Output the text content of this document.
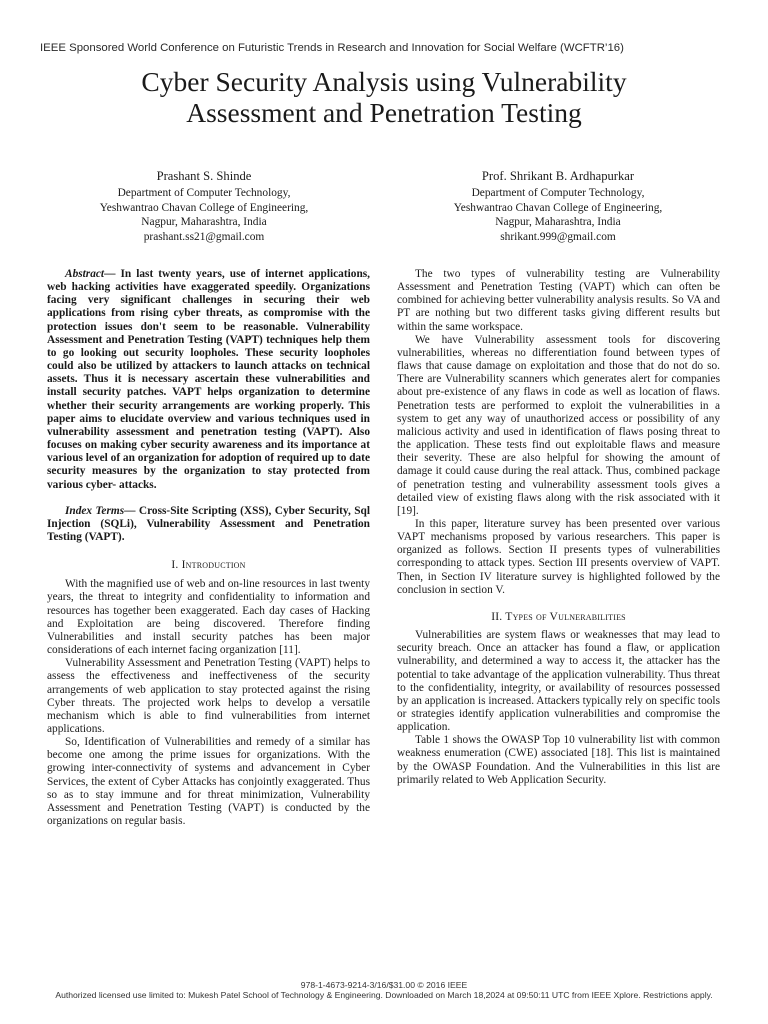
IEEE Sponsored World Conference on Futuristic Trends in Research and Innovation for Social Welfare (WCFTR’16)
Cyber Security Analysis using Vulnerability
Assessment and Penetration Testing
Prashant S. Shinde
Department of Computer Technology,
Yeshwantrao Chavan College of Engineering,
Nagpur, Maharashtra, India
prashant.ss21@gmail.com
Prof. Shrikant B. Ardhapurkar
Department of Computer Technology,
Yeshwantrao Chavan College of Engineering,
Nagpur, Maharashtra, India
shrikant.999@gmail.com

Abstract— In last twenty years, use of internet applications, web hacking activities have exaggerated speedily. Organizations facing very significant challenges in securing their web applications from rising cyber threats, as compromise with the protection issues don't seem to be reasonable. Vulnerability Assessment and Penetration Testing (VAPT) techniques help them to go looking out security loopholes. These security loopholes could also be utilized by attackers to launch attacks on technical assets. Thus it is necessary ascertain these vulnerabilities and install security patches. VAPT helps organization to determine whether their security arrangements are working properly. This paper aims to elucidate overview and various techniques used in vulnerability assessment and penetration testing (VAPT). Also focuses on making cyber security awareness and its importance at various level of an organization for adoption of required up to date security measures by the organization to stay protected from various cyber- attacks.

Index Terms— Cross-Site Scripting (XSS), Cyber Security, Sql Injection (SQLi), Vulnerability Assessment and Penetration Testing (VAPT).

I. Introduction

With the magnified use of web and on-line resources in last twenty years, the threat to integrity and confidentiality to information and resources has together been exaggerated. Each day cases of Hacking and Exploitation are being discovered. Therefore finding Vulnerabilities and install security patches has been major considerations of each internet facing organization [11].

Vulnerability Assessment and Penetration Testing (VAPT) helps to assess the effectiveness and ineffectiveness of the security arrangements of web application to stay protected against the rising Cyber threats. The projected work helps to develop a versatile mechanism which is able to find vulnerabilities from internet applications.

So, Identification of Vulnerabilities and remedy of a similar has become one among the prime issues for organizations. With the growing inter-connectivity of systems and advancement in Cyber Services, the extent of Cyber Attacks has conjointly exaggerated. Thus so as to stay immune and for threat minimization, Vulnerability Assessment and Penetration Testing (VAPT) is conducted by the organizations on regular basis.

The two types of vulnerability testing are Vulnerability Assessment and Penetration Testing (VAPT) which can often be combined for achieving better vulnerability analysis results. So VA and PT are nothing but two different tasks giving different results but within the same workspace.

We have Vulnerability assessment tools for discovering vulnerabilities, whereas no differentiation found between types of flaws that cause damage on exploitation and those that do not do so. There are Vulnerability scanners which generates alert for companies about pre-existence of any flaws in code as well as location of flaws. Penetration tests are performed to exploit the vulnerabilities in a system to get any way of unauthorized access or possibility of any malicious activity and used in identification of flaws posing threat to the application. These tests find out exploitable flaws and measure their severity. These are also helpful for showing the amount of damage it could cause during the real attack. Thus, combined package of penetration testing and vulnerability assessment tools gives a detailed view of existing flaws along with the risk associated with it [19].

In this paper, literature survey has been presented over various VAPT mechanisms proposed by various researchers. This paper is organized as follows. Section II presents types of vulnerabilities corresponding to attack types. Section III presents overview of VAPT. Then, in Section IV literature survey is highlighted followed by the conclusion in section V.

II. Types of Vulnerabilities

Vulnerabilities are system flaws or weaknesses that may lead to security breach. Once an attacker has found a flaw, or application vulnerability, and determined a way to access it, the attacker has the potential to take advantage of the application vulnerability. Thus threat to the confidentiality, integrity, or availability of resources possessed by an application is increased. Attackers typically rely on specific tools or strategies identify application vulnerabilities and compromise the application.

Table 1 shows the OWASP Top 10 vulnerability list with common weakness enumeration (CWE) associated [18]. This list is maintained by the OWASP Foundation. And the Vulnerabilities in this list are primarily related to Web Application Security.

978-1-4673-9214-3/16/$31.00 © 2016 IEEE
Authorized licensed use limited to: Mukesh Patel School of Technology & Engineering. Downloaded on March 18,2024 at 09:50:11 UTC from IEEE Xplore. Restrictions apply.
